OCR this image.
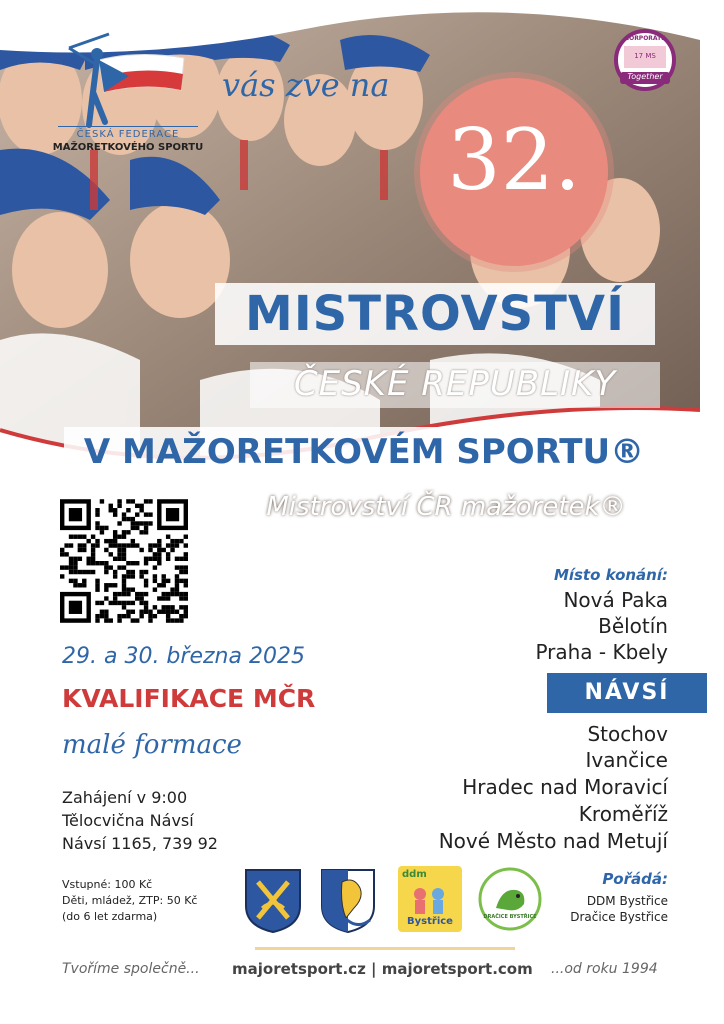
ČESKÁ FEDERACE
MAŽORETKOVÉHO SPORTU
vás zve na
CORPORATE
17 MS
Together
32.
MISTROVSTVÍ
ČESKÉ REPUBLIKY
V MAŽORETKOVÉM SPORTU®
Mistrovství ČR mažoretek®
Místo konání:
Nová Paka
Bělotín
Praha - Kbely
NÁVSÍ
Stochov
Ivančice
Hradec nad Moravicí
Kroměříž
Nové Město nad Metují
29. a 30. března 2025
KVALIFIKACE MČR
malé formace
Zahájení v 9:00
Tělocvična Návsí
Návsí 1165, 739 92
Vstupné: 100 Kč
Děti, mládež, ZTP: 50 Kč
(do 6 let zdarma)
ddm
Bystřice	DRAČICE BYSTŘICE
Pořádá:
DDM Bystřice
Dračice Bystřice
Tvoříme společně... majoretsport.cz | majoretsport.com ...od roku 1994
